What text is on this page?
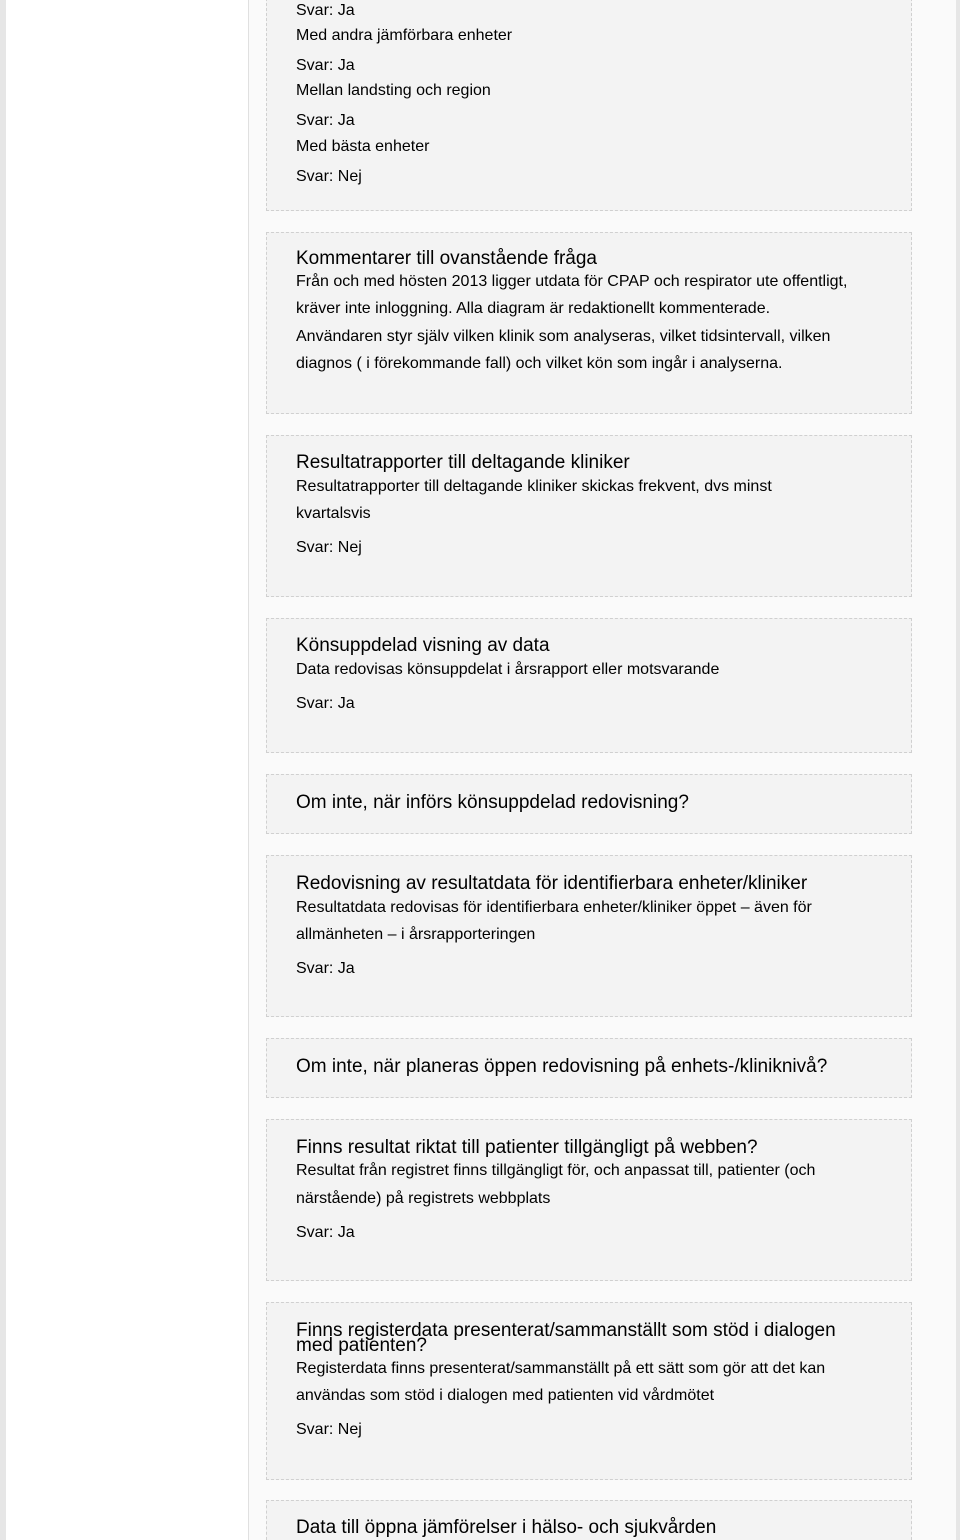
Svar: Ja
Med andra jämförbara enheter
Svar: Ja
Mellan landsting och region
Svar: Ja
Med bästa enheter
Svar: Nej
Kommentarer till ovanstående fråga
Från och med hösten 2013 ligger utdata för CPAP och respirator ute offentligt,
kräver inte inloggning. Alla diagram är redaktionellt kommenterade.
Användaren styr själv vilken klinik som analyseras, vilket tidsintervall, vilken
diagnos ( i förekommande fall) och vilket kön som ingår i analyserna.
Resultatrapporter till deltagande kliniker
Resultatrapporter till deltagande kliniker skickas frekvent, dvs minst
kvartalsvis
Svar: Nej
Könsuppdelad visning av data
Data redovisas könsuppdelat i årsrapport eller motsvarande
Svar: Ja
Om inte, när införs könsuppdelad redovisning?
Redovisning av resultatdata för identifierbara enheter/kliniker
Resultatdata redovisas för identifierbara enheter/kliniker öppet – även för
allmänheten – i årsrapporteringen
Svar: Ja
Om inte, när planeras öppen redovisning på enhets-/kliniknivå?
Finns resultat riktat till patienter tillgängligt på webben?
Resultat från registret finns tillgängligt för, och anpassat till, patienter (och
närstående) på registrets webbplats
Svar: Ja
Finns registerdata presenterat/sammanställt som stöd i dialogen
med patienten?
Registerdata finns presenterat/sammanställt på ett sätt som gör att det kan
användas som stöd i dialogen med patienten vid vårdmötet
Svar: Nej
Data till öppna jämförelser i hälso- och sjukvården
